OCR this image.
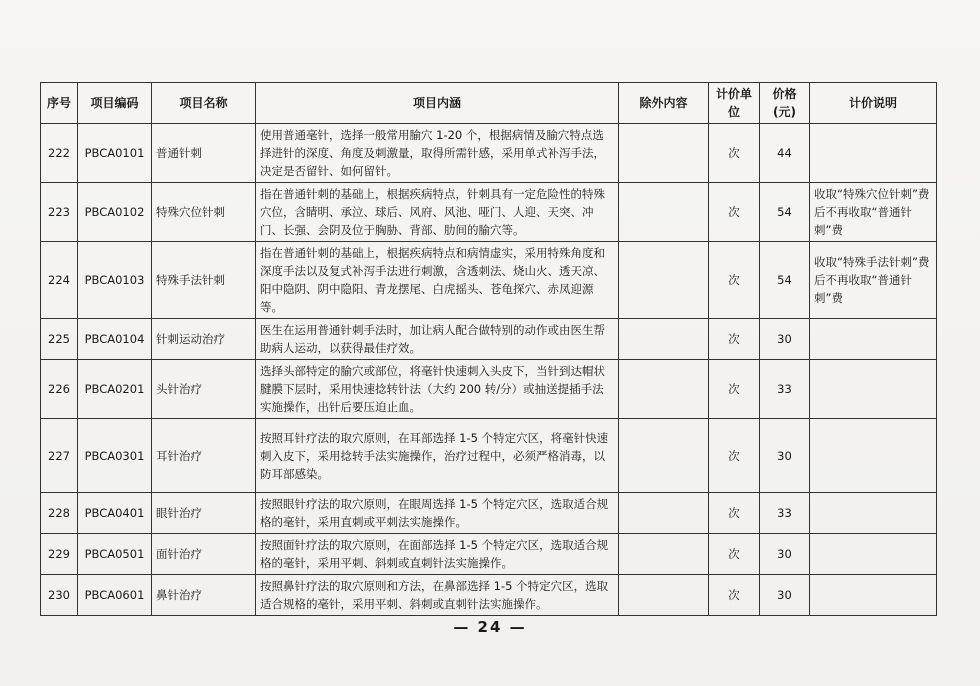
序号	项目编码	项目名称	项目内涵	除外内容	计价单位	价格(元)	计价说明
222	PBCA0101	普通针刺	使用普通毫针，选择一般常用腧穴 1-20 个，根据病情及腧穴特点选择进针的深度、角度及刺激量，取得所需针感，采用单式补泻手法，决定是否留针、如何留针。		次	44	
223	PBCA0102	特殊穴位针刺	指在普通针刺的基础上，根据疾病特点，针刺具有一定危险性的特殊穴位，含睛明、承泣、球后、风府、风池、哑门、人迎、天突、冲门、长强、会阴及位于胸胁、背部、肋间的腧穴等。		次	54	收取“特殊穴位针刺”费后不再收取“普通针刺”费
224	PBCA0103	特殊手法针刺	指在普通针刺的基础上，根据疾病特点和病情虚实，采用特殊角度和深度手法以及复式补泻手法进行刺激，含透刺法、烧山火、透天凉、阳中隐阴、阴中隐阳、青龙摆尾、白虎摇头、苍龟探穴、赤凤迎源等。		次	54	收取“特殊手法针刺”费后不再收取“普通针刺”费
225	PBCA0104	针刺运动治疗	医生在运用普通针刺手法时，加让病人配合做特别的动作或由医生帮助病人运动，以获得最佳疗效。		次	30	
226	PBCA0201	头针治疗	选择头部特定的腧穴或部位，将毫针快速刺入头皮下，当针到达帽状腱膜下层时，采用快速捻转针法（大约 200 转/分）或抽送提插手法实施操作，出针后要压迫止血。		次	33	
227	PBCA0301	耳针治疗	按照耳针疗法的取穴原则，在耳部选择 1-5 个特定穴区，将毫针快速刺入皮下，采用捻转手法实施操作，治疗过程中，必须严格消毒，以防耳部感染。		次	30	
228	PBCA0401	眼针治疗	按照眼针疗法的取穴原则，在眼周选择 1-5 个特定穴区，选取适合规格的毫针，采用直刺或平刺法实施操作。		次	33	
229	PBCA0501	面针治疗	按照面针疗法的取穴原则，在面部选择 1-5 个特定穴区，选取适合规格的毫针，采用平刺、斜刺或直刺针法实施操作。		次	30	
230	PBCA0601	鼻针治疗	按照鼻针疗法的取穴原则和方法，在鼻部选择 1-5 个特定穴区，选取适合规格的毫针，采用平刺、斜刺或直刺针法实施操作。		次	30	
— 24 —
